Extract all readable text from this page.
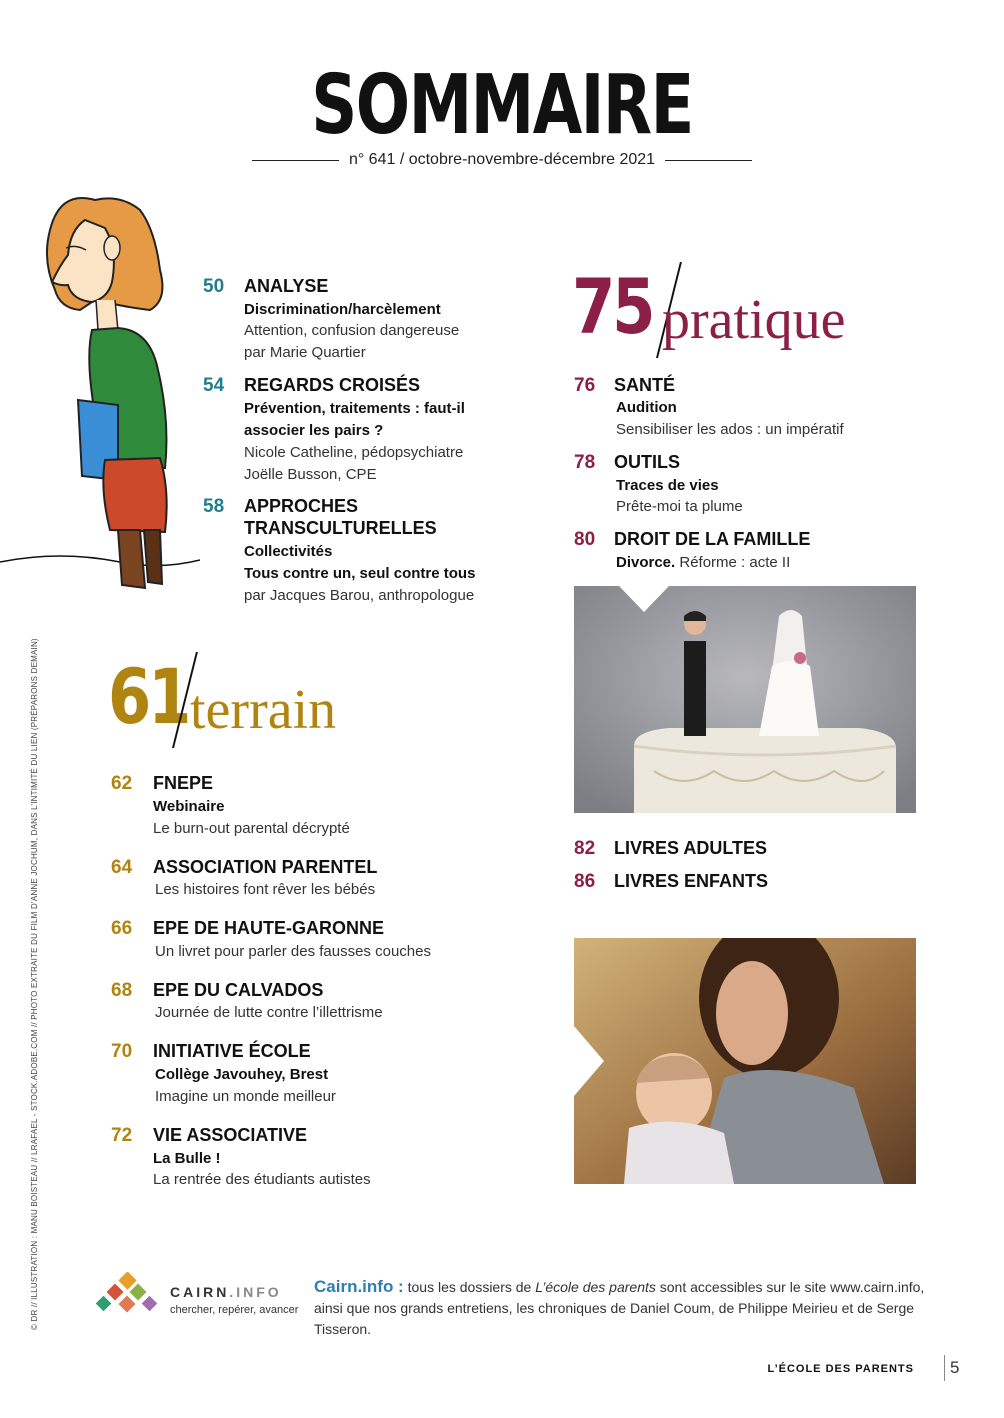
SOMMAIRE
n° 641 / octobre-novembre-décembre 2021
50 ANALYSE
Discrimination/harcèlement
Attention, confusion dangereuse
par Marie Quartier
54 REGARDS CROISÉS
Prévention, traitements : faut-il
associer les pairs ?
Nicole Catheline, pédopsychiatre
Joëlle Busson, CPE
58 APPROCHES
TRANSCULTURELLES
Collectivités
Tous contre un, seul contre tous
par Jacques Barou, anthropologue
61 terrain
62 FNEPE
Webinaire
Le burn-out parental décrypté
64 ASSOCIATION PARENTEL
Les histoires font rêver les bébés
66 EPE DE HAUTE-GARONNE
Un livret pour parler des fausses couches
68 EPE DU CALVADOS
Journée de lutte contre l’illettrisme
70 INITIATIVE ÉCOLE
Collège Javouhey, Brest
Imagine un monde meilleur
72 VIE ASSOCIATIVE
La Bulle !
La rentrée des étudiants autistes
75 pratique
76 SANTÉ
Audition
Sensibiliser les ados : un impératif
78 OUTILS
Traces de vies
Prête-moi ta plume
80 DROIT DE LA FAMILLE
Divorce. Réforme : acte II
82 LIVRES ADULTES
86 LIVRES ENFANTS
© DR // ILLUSTRATION : MANU BOISTEAU // LRAFAEL - STOCK.ADOBE.COM // PHOTO EXTRAITE DU FILM D’ANNE JOCHUM, DANS L’INTIMITÉ DU LIEN (PRÉPARONS DEMAIN)	CAIRN.INFO
chercher, repérer, avancer
Cairn.info : tous les dossiers de L’école des parents sont accessibles sur le site www.cairn.info, ainsi que nos grands entretiens, les chroniques de Daniel Coum, de Philippe Meirieu et de Serge Tisseron.
L’ÉCOLE DES PARENTS 5
